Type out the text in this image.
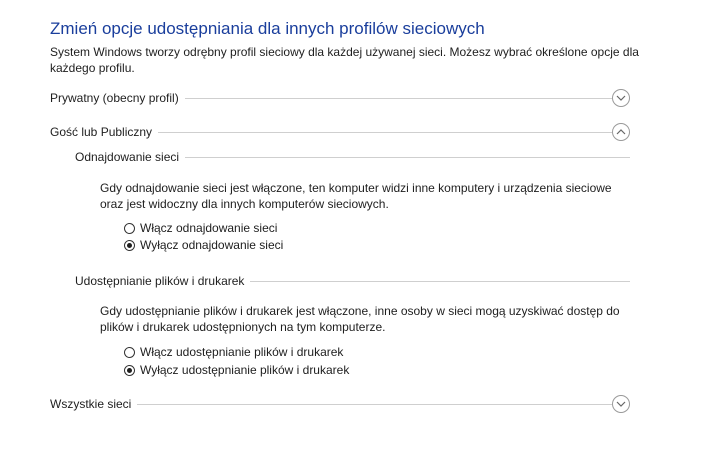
Zmień opcje udostępniania dla innych profilów sieciowych
System Windows tworzy odrębny profil sieciowy dla każdej używanej sieci. Możesz wybrać określone opcje dla każdego profilu.
Prywatny (obecny profil)
Gość lub Publiczny
Odnajdowanie sieci
Gdy odnajdowanie sieci jest włączone, ten komputer widzi inne komputery i urządzenia sieciowe oraz jest widoczny dla innych komputerów sieciowych.
Włącz odnajdowanie sieci
Wyłącz odnajdowanie sieci
Udostępnianie plików i drukarek
Gdy udostępnianie plików i drukarek jest włączone, inne osoby w sieci mogą uzyskiwać dostęp do plików i drukarek udostępnionych na tym komputerze.
Włącz udostępnianie plików i drukarek
Wyłącz udostępnianie plików i drukarek
Wszystkie sieci
